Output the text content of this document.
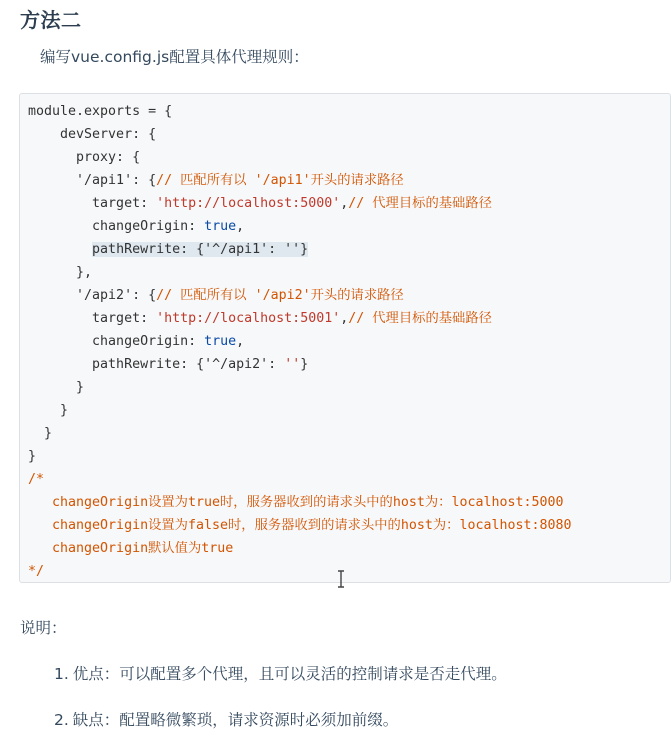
方法二

编写vue.config.js配置具体代理规则：

module.exports = {
devServer: {
proxy: {
'/api1': {// 匹配所有以 '/api1'开头的请求路径
target: 'http://localhost:5000',// 代理目标的基础路径
changeOrigin: true,
pathRewrite: {'^/api1': ''}
},
'/api2': {// 匹配所有以 '/api2'开头的请求路径
target: 'http://localhost:5001',// 代理目标的基础路径
changeOrigin: true,
pathRewrite: {'^/api2': ''}
}
}
}
}
/*
changeOrigin设置为true时，服务器收到的请求头中的host为：localhost:5000
changeOrigin设置为false时，服务器收到的请求头中的host为：localhost:8080
changeOrigin默认值为true
*/

说明：

1. 优点：可以配置多个代理，且可以灵活的控制请求是否走代理。
2. 缺点：配置略微繁琐，请求资源时必须加前缀。
